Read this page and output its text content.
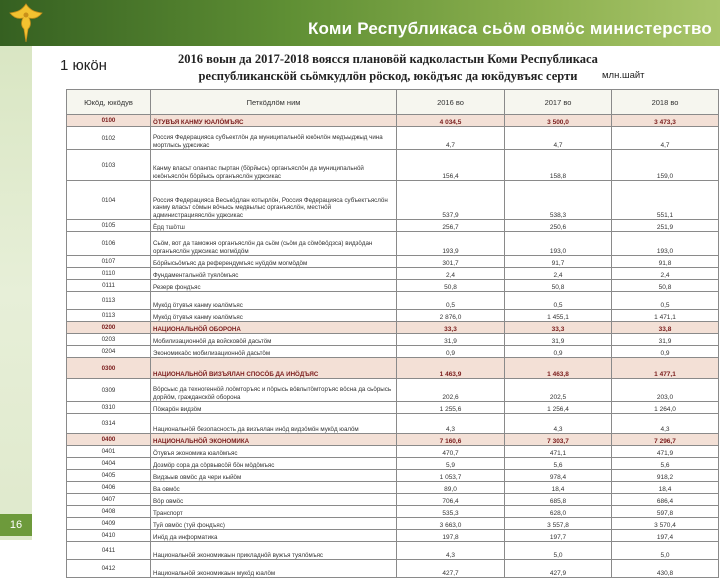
Коми Республикаса сьӧм овмӧс министерство
16
1 юкӧн	2016 воын да 2017-2018 воясся плановӧй кадколастын Коми Республикаса республиканскӧй сьӧмкудлӧн рӧскод, юкӧдъяс да юкӧдувъяс серти	млн.шайт
Юкӧд, юкӧдув	Петкӧдлӧм ним	2016 во	2017 во	2018 во
0100	ӦТУВЪЯ КАНМУ ЮАЛӦМЪЯС	4 034,5	3 500,0	3 473,3
0102	Россия Федерацияса субъектлӧн да муниципальнӧй юкӧнлӧн медъыджыд чина мортлысь уджсикас	4,7	4,7	4,7
0103	Канму власьт оланпас пыртан (бӧрйысь) органъяслӧн да муниципальнӧй юкӧнъяслӧн бӧрйысь органъяслӧн уджсикас	156,4	158,8	159,0
0104	Россия Федерацияса Веськӧдлан котырлӧн, Россия Федерацияса субъектъяслӧн канму власьт сӧмын вӧчысь медвылыс органъяслӧн, местнӧй администрацияяслӧн уджсикас	537,9	538,3	551,1
0105	Ёрд тшӧтш	256,7	250,6	251,9
0106	Сьӧм, вот да таможня органъяслӧн да сьӧм (сьӧм да сӧмӧвӧдзса) видзӧдан органъяслӧн уджсикас могмӧдӧм	193,9	193,0	193,0
0107	Бӧрйысьӧмъяс да референдумъяс нуӧдӧм могмӧдӧм	301,7	91,7	91,8
0110	Фундаментальнӧй туялӧмъяс	2,4	2,4	2,4
0111	Резерв фондъяс	50,8	50,8	50,8
0113	Мукӧд ӧтувъя канму юалӧмъяс	0,5	0,5	0,5
0113	Мукӧд ӧтувъя канму юалӧмъяс	2 876,0	1 455,1	1 471,1
0200	НАЦИОНАЛЬНӦЙ ОБОРОНА	33,3	33,3	33,8
0203	Мобилизационнӧй да войсковӧй дасьтӧм	31,9	31,9	31,9
0204	Экономикаӧс мобилизационнӧй дасьтӧм	0,9	0,9	0,9
0300	НАЦИОНАЛЬНӦЙ ВИЗЪЯЛАН СПОСӦБ ДА ИНӦДЪЯС	1 463,9	1 463,8	1 477,1
0309	Вӧрсьыс да техногеннӧй лоӧмторъяс и пӧрысь вӧвлытӧмторъяс вӧсна да сьӧрысь дорйӧм, гражданскӧй оборона	202,6	202,5	203,0
0310	Пӧжарӧн видзӧм	1 255,6	1 256,4	1 264,0
0314	Национальнӧй безопасность да визъялан инӧд видзӧмӧн мукӧд юалӧм	4,3	4,3	4,3
0400	НАЦИОНАЛЬНӦЙ ЭКОНОМИКА	7 160,6	7 303,7	7 296,7
0401	Ӧтувъя экономика юалӧмъяс	470,7	471,1	471,9
0404	Дозмӧр сора да сӧрвывсӧй бӧн мӧдӧмъяс	5,9	5,6	5,6
0405	Видзьыв овмӧс да чери кыйӧм	1 053,7	978,4	918,2
0406	Ва овмӧс	89,0	18,4	18,4
0407	Вӧр овмӧс	706,4	685,8	686,4
0408	Транспорт	535,3	628,0	597,8
0409	Туй овмӧс (туй фондъяс)	3 663,0	3 557,8	3 570,4
0410	Инӧд да информатика	197,8	197,7	197,4
0411	Национальнӧй экономикаын прикладнӧй вужъя туялӧмъяс	4,3	5,0	5,0
0412	Национальнӧй экономикаын мукӧд юалӧм	427,7	427,9	430,8
